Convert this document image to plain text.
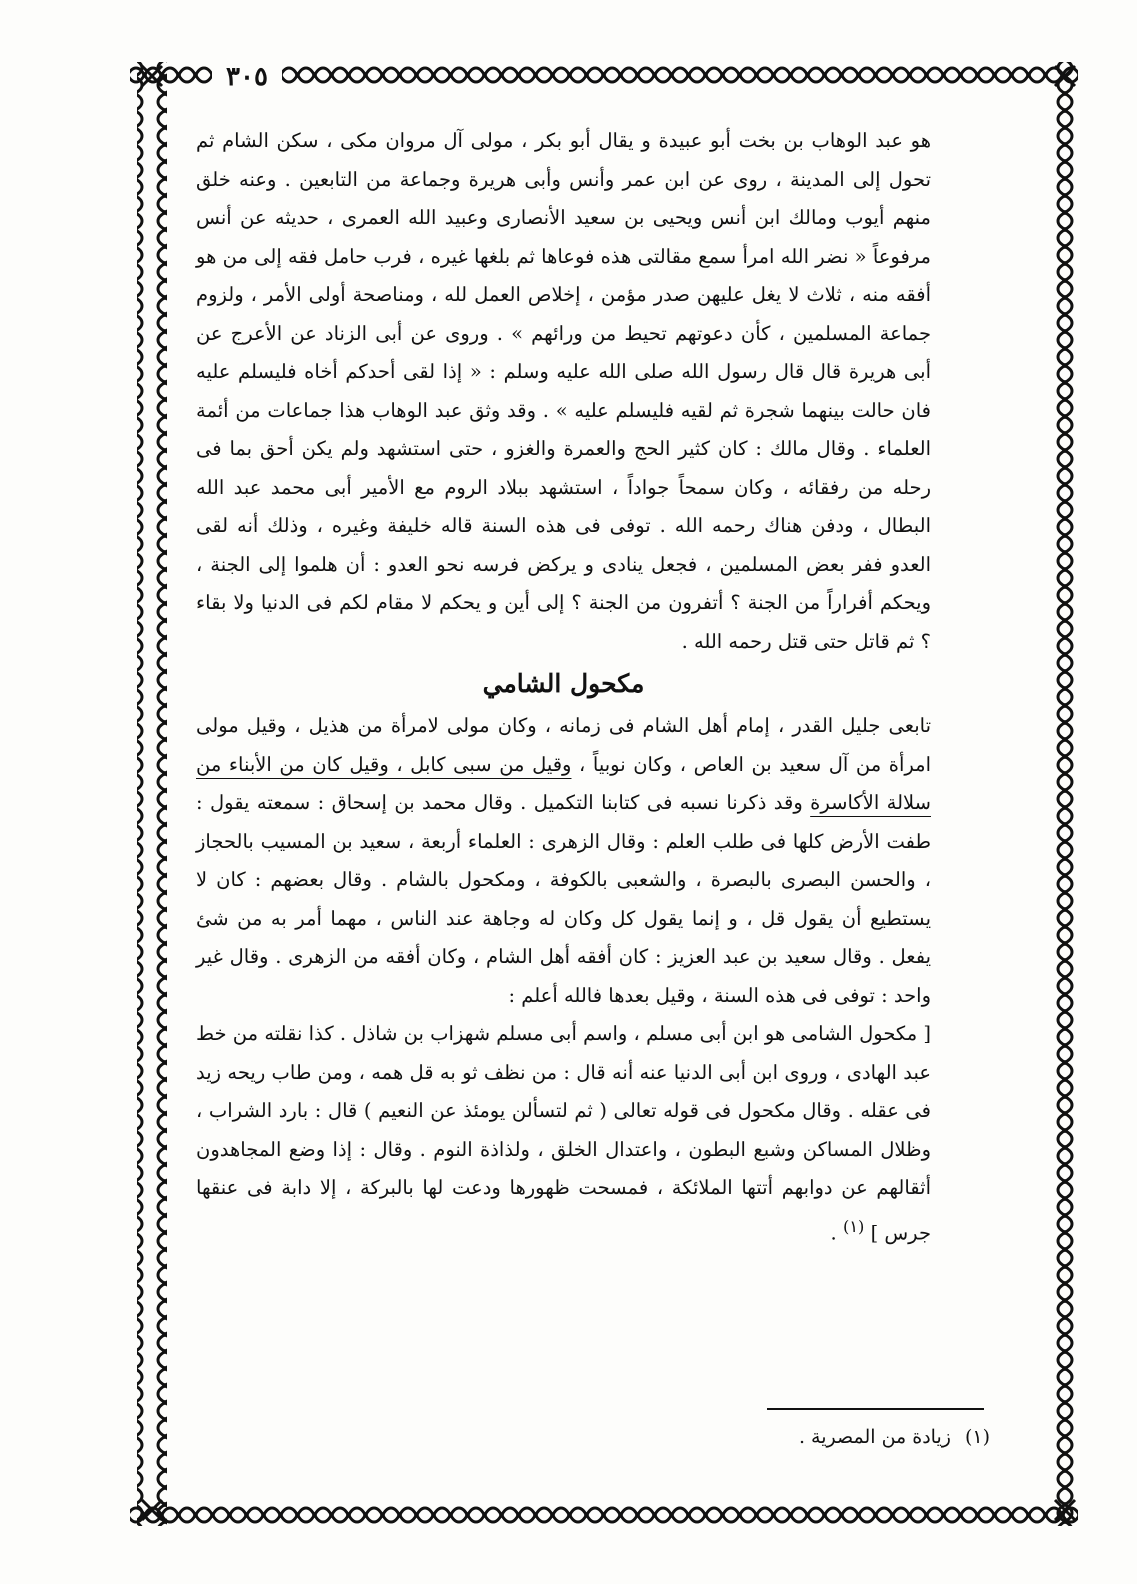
٣٠٥

هو عبد الوهاب بن بخت أبو عبيدة و يقال أبو بكر ، مولى آل مروان مكى ، سكن الشام ثم تحول إلى المدينة ، روى عن ابن عمر وأنس وأبى هريرة وجماعة من التابعين . وعنه خلق منهم أيوب ومالك ابن أنس ويحيى بن سعيد الأنصارى وعبيد الله العمرى ، حديثه عن أنس مرفوعاً « نضر الله امرأ سمع مقالتى هذه فوعاها ثم بلغها غيره ، فرب حامل فقه إلى من هو أفقه منه ، ثلاث لا يغل عليهن صدر مؤمن ، إخلاص العمل لله ، ومناصحة أولى الأمر ، ولزوم جماعة المسلمين ، كأن دعوتهم تحيط من ورائهم » . وروى عن أبى الزناد عن الأعرج عن أبى هريرة قال قال رسول الله صلى الله عليه وسلم : « إذا لقى أحدكم أخاه فليسلم عليه فان حالت بينهما شجرة ثم لقيه فليسلم عليه » . وقد وثق عبد الوهاب هذا جماعات من أئمة العلماء . وقال مالك : كان كثير الحج والعمرة والغزو ، حتى استشهد ولم يكن أحق بما فى رحله من رفقائه ، وكان سمحاً جواداً ، استشهد ببلاد الروم مع الأمير أبى محمد عبد الله البطال ، ودفن هناك رحمه الله . توفى فى هذه السنة قاله خليفة وغيره ، وذلك أنه لقى العدو ففر بعض المسلمين ، فجعل ينادى و يركض فرسه نحو العدو : أن هلموا إلى الجنة ، ويحكم أفراراً من الجنة ؟ أتفرون من الجنة ؟ إلى أين و يحكم لا مقام لكم فى الدنيا ولا بقاء ؟ ثم قاتل حتى قتل رحمه الله .

مكحول الشامي

تابعى جليل القدر ، إمام أهل الشام فى زمانه ، وكان مولى لامرأة من هذيل ، وقيل مولى امرأة من آل سعيد بن العاص ، وكان نوبياً ، وقيل من سبى كابل ، وقيل كان من الأبناء من سلالة الأكاسرة وقد ذكرنا نسبه فى كتابنا التكميل . وقال محمد بن إسحاق : سمعته يقول : طفت الأرض كلها فى طلب العلم : وقال الزهرى : العلماء أربعة ، سعيد بن المسيب بالحجاز ، والحسن البصرى بالبصرة ، والشعبى بالكوفة ، ومكحول بالشام . وقال بعضهم : كان لا يستطيع أن يقول قل ، و إنما يقول كل وكان له وجاهة عند الناس ، مهما أمر به من شئ يفعل . وقال سعيد بن عبد العزيز : كان أفقه أهل الشام ، وكان أفقه من الزهرى . وقال غير واحد : توفى فى هذه السنة ، وقيل بعدها فالله أعلم :

[ مكحول الشامى هو ابن أبى مسلم ، واسم أبى مسلم شهزاب بن شاذل . كذا نقلته من خط عبد الهادى ، وروى ابن أبى الدنيا عنه أنه قال : من نظف ثو به قل همه ، ومن طاب ريحه زيد فى عقله . وقال مكحول فى قوله تعالى ( ثم لتسألن يومئذ عن النعيم ) قال : بارد الشراب ، وظلال المساكن وشبع البطون ، واعتدال الخلق ، ولذاذة النوم . وقال : إذا وضع المجاهدون أثقالهم عن دوابهم أتتها الملائكة ، فمسحت ظهورها ودعت لها بالبركة ، إلا دابة فى عنقها جرس ] $^{(١)}$ .

(١)زيادة من المصرية .
